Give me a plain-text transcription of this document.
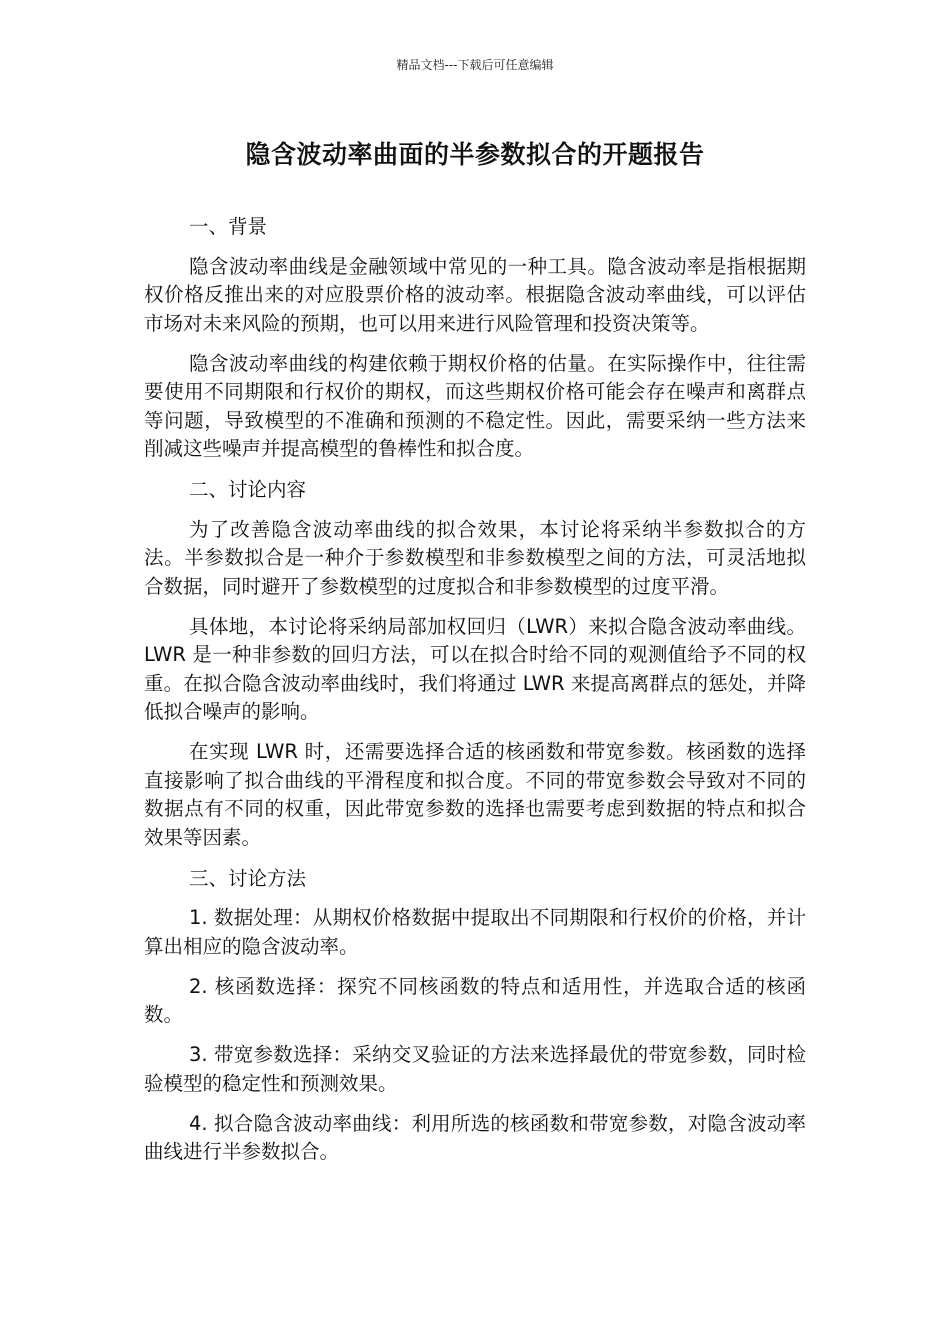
精品文档---下载后可任意编辑
隐含波动率曲面的半参数拟合的开题报告

一、背景

隐含波动率曲线是金融领域中常见的一种工具。隐含波动率是指根据期权价格反推出来的对应股票价格的波动率。根据隐含波动率曲线，可以评估市场对未来风险的预期，也可以用来进行风险管理和投资决策等。

隐含波动率曲线的构建依赖于期权价格的估量。在实际操作中，往往需要使用不同期限和行权价的期权，而这些期权价格可能会存在噪声和离群点等问题，导致模型的不准确和预测的不稳定性。因此，需要采纳一些方法来削减这些噪声并提高模型的鲁棒性和拟合度。

二、讨论内容

为了改善隐含波动率曲线的拟合效果，本讨论将采纳半参数拟合的方法。半参数拟合是一种介于参数模型和非参数模型之间的方法，可灵活地拟合数据，同时避开了参数模型的过度拟合和非参数模型的过度平滑。

具体地，本讨论将采纳局部加权回归（LWR）来拟合隐含波动率曲线。LWR 是一种非参数的回归方法，可以在拟合时给不同的观测值给予不同的权重。在拟合隐含波动率曲线时，我们将通过 LWR 来提高离群点的惩处，并降低拟合噪声的影响。

在实现 LWR 时，还需要选择合适的核函数和带宽参数。核函数的选择直接影响了拟合曲线的平滑程度和拟合度。不同的带宽参数会导致对不同的数据点有不同的权重，因此带宽参数的选择也需要考虑到数据的特点和拟合效果等因素。

三、讨论方法

1. 数据处理：从期权价格数据中提取出不同期限和行权价的价格，并计算出相应的隐含波动率。

2. 核函数选择：探究不同核函数的特点和适用性，并选取合适的核函数。

3. 带宽参数选择：采纳交叉验证的方法来选择最优的带宽参数，同时检验模型的稳定性和预测效果。

4. 拟合隐含波动率曲线：利用所选的核函数和带宽参数，对隐含波动率曲线进行半参数拟合。
